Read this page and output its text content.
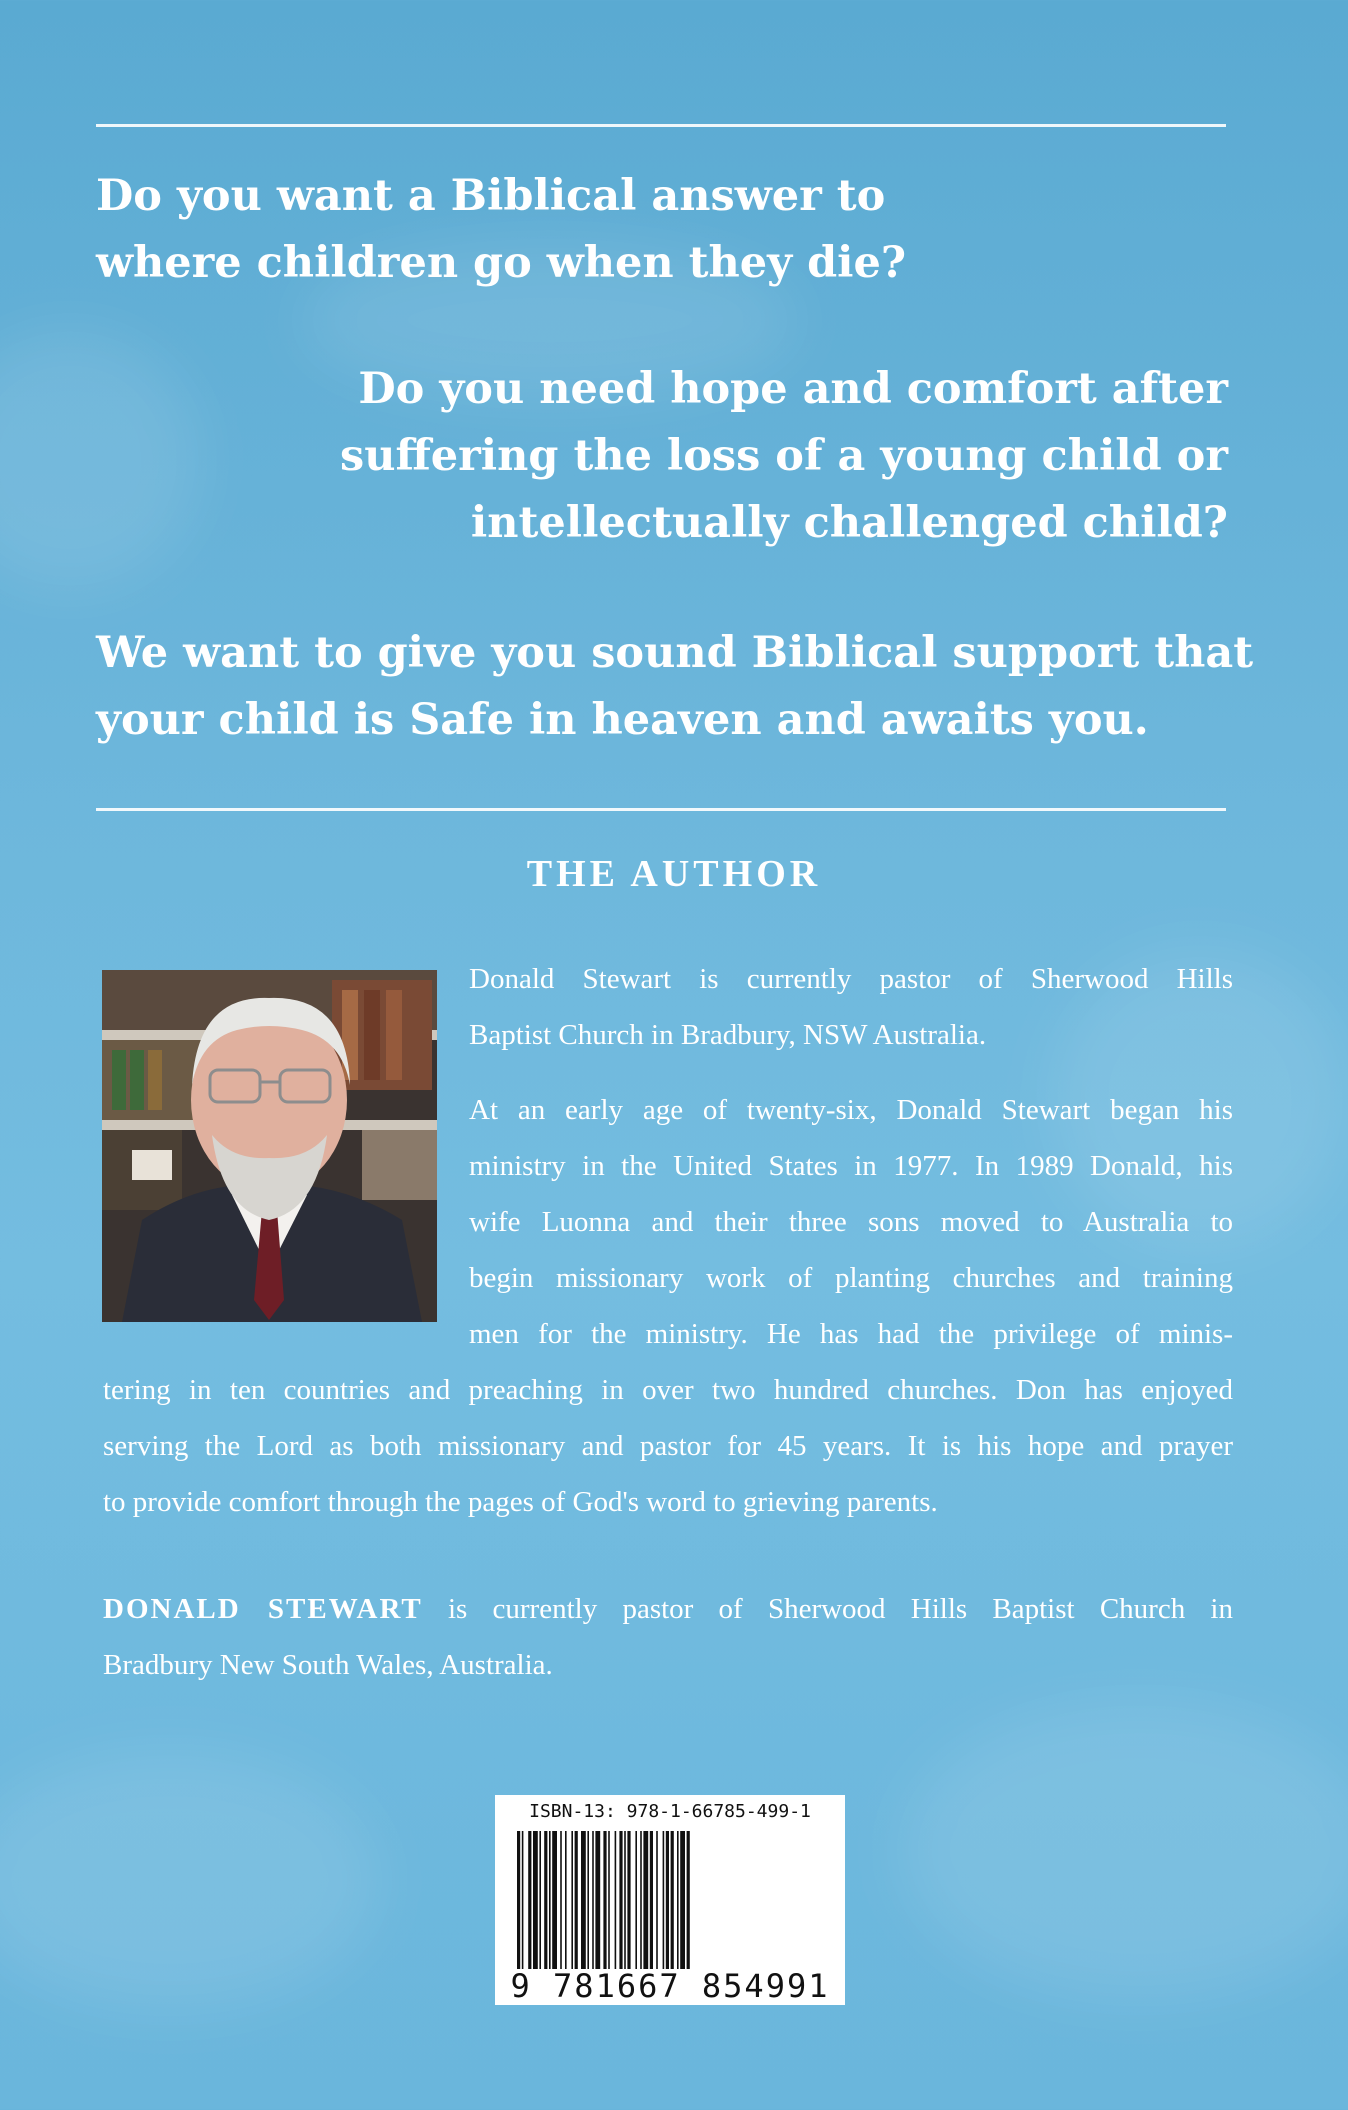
Do you want a Biblical answer to
where children go when they die?

Do you need hope and comfort after
suffering the loss of a young child or
intellectually challenged child?

We want to give you sound Biblical support that
your child is Safe in heaven and awaits you.

THE AUTHOR
Donald Stewart is currently pastor of Sherwood Hills
Baptist Church in Bradbury, NSW Australia.
At an early age of twenty-six, Donald Stewart began his
ministry in the United States in 1977. In 1989 Donald, his
wife Luonna and their three sons moved to Australia to
begin missionary work of planting churches and training
men for the ministry. He has had the privilege of minis-
tering in ten countries and preaching in over two hundred churches. Don has enjoyed
serving the Lord as both missionary and pastor for 45 years. It is his hope and prayer
to provide comfort through the pages of God's word to grieving parents.
DONALD STEWART is currently pastor of Sherwood Hills Baptist Church in
Bradbury New South Wales, Australia.
ISBN-13: 978-1-66785-499-1
9 781667 854991
